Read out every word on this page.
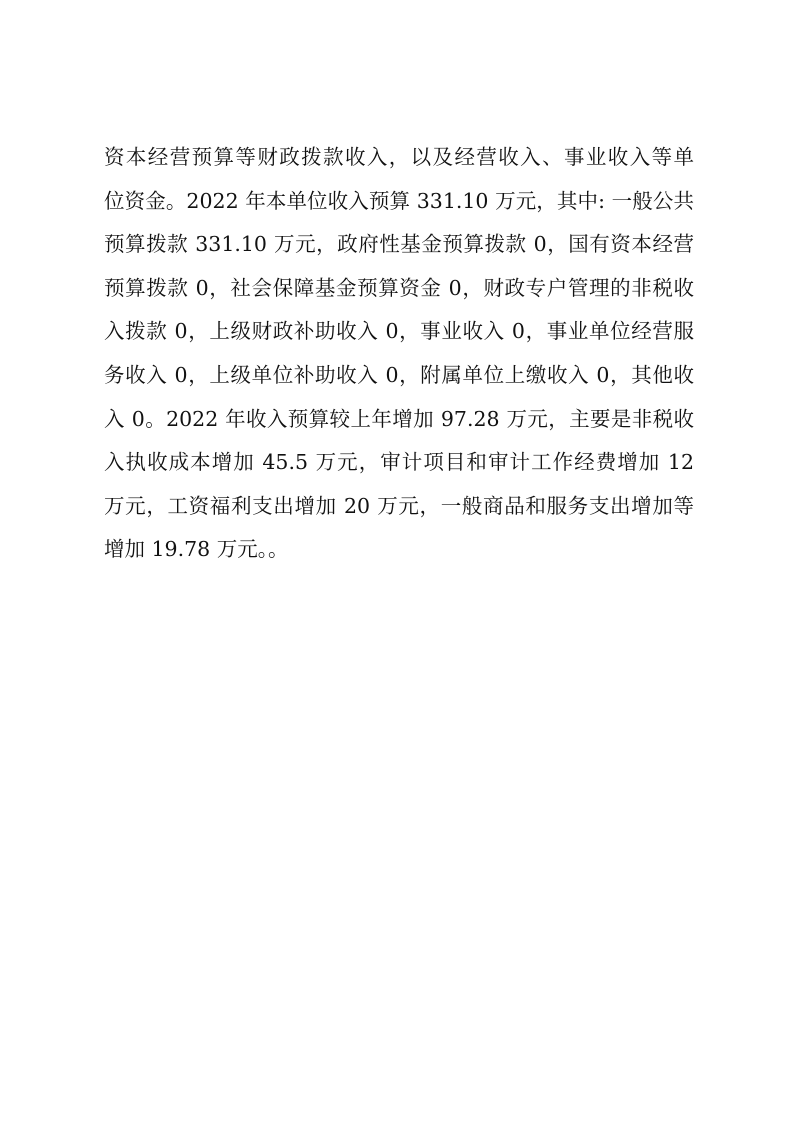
资本经营预算等财政拨款收入，以及经营收入、事业收入等单
位资金。2022 年本单位收入预算 331.10 万元，其中: 一般公共
预算拨款 331.10 万元，政府性基金预算拨款 0，国有资本经营
预算拨款 0，社会保障基金预算资金 0，财政专户管理的非税收
入拨款 0，上级财政补助收入 0，事业收入 0，事业单位经营服
务收入 0，上级单位补助收入 0，附属单位上缴收入 0，其他收
入 0。2022 年收入预算较上年增加 97.28 万元，主要是非税收
入执收成本增加 45.5 万元，审计项目和审计工作经费增加 12
万元，工资福利支出增加 20 万元，一般商品和服务支出增加等
增加 19.78 万元。。
